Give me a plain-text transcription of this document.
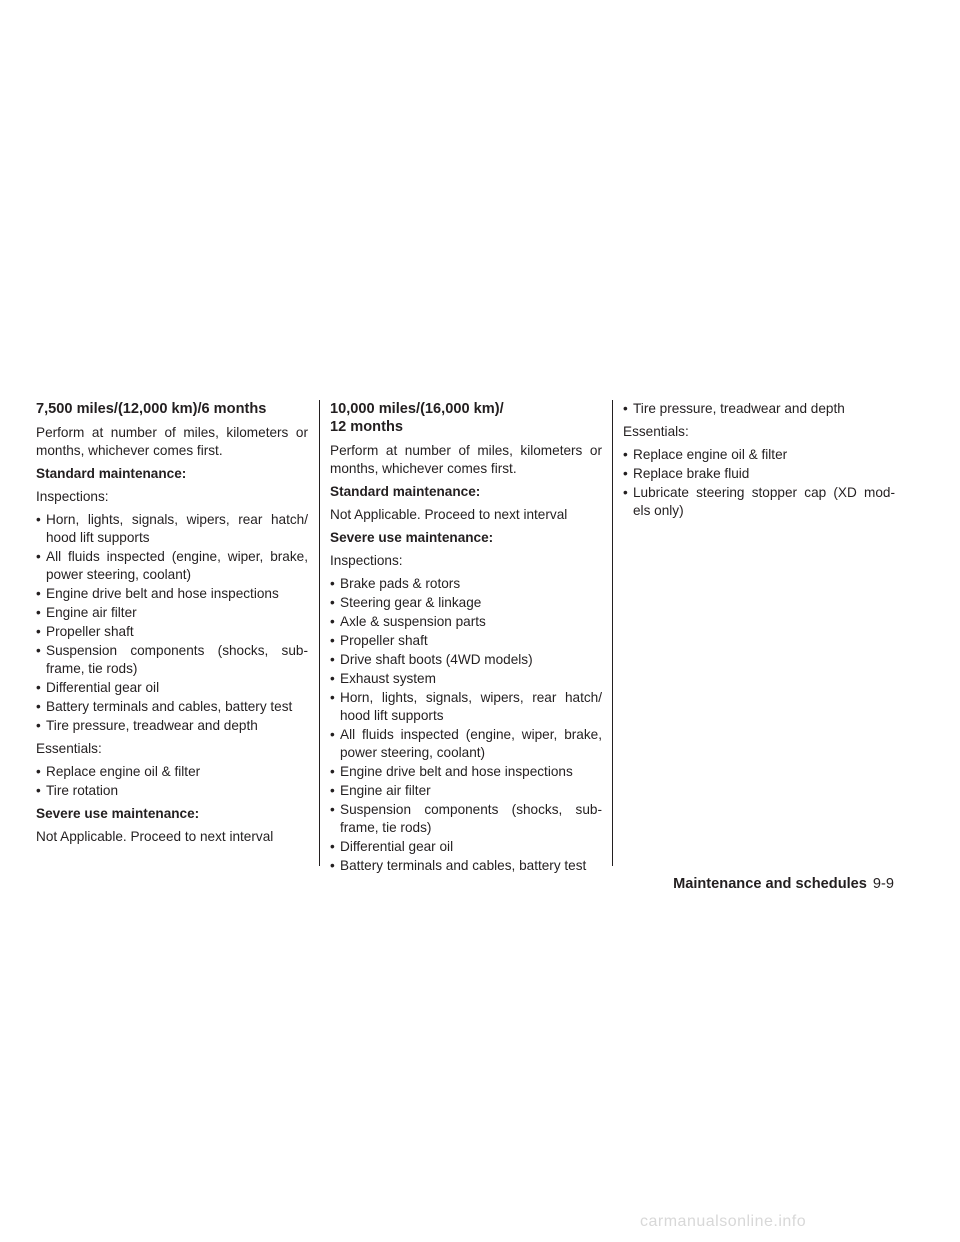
7,500 miles/(12,000 km)/6 months

Perform at number of miles, kilometers or months, whichever comes first.

Standard maintenance:

Inspections:

• Horn, lights, signals, wipers, rear hatch/ hood lift supports
• All fluids inspected (engine, wiper, brake, power steering, coolant)
• Engine drive belt and hose inspections
• Engine air filter
• Propeller shaft
• Suspension components (shocks, sub- frame, tie rods)
• Differential gear oil
• Battery terminals and cables, battery test
• Tire pressure, treadwear and depth

Essentials:

• Replace engine oil & filter
• Tire rotation

Severe use maintenance:

Not Applicable. Proceed to next interval

10,000 miles/(16,000 km)/
12 months

Perform at number of miles, kilometers or months, whichever comes first.

Standard maintenance:

Not Applicable. Proceed to next interval

Severe use maintenance:

Inspections:

• Brake pads & rotors
• Steering gear & linkage
• Axle & suspension parts
• Propeller shaft
• Drive shaft boots (4WD models)
• Exhaust system
• Horn, lights, signals, wipers, rear hatch/ hood lift supports
• All fluids inspected (engine, wiper, brake, power steering, coolant)
• Engine drive belt and hose inspections
• Engine air filter
• Suspension components (shocks, sub- frame, tie rods)
• Differential gear oil
• Battery terminals and cables, battery test
• Tire pressure, treadwear and depth

Essentials:

• Replace engine oil & filter
• Replace brake fluid
• Lubricate steering stopper cap (XD mod- els only)
Maintenance and schedules 9-9
carmanualsonline.info
